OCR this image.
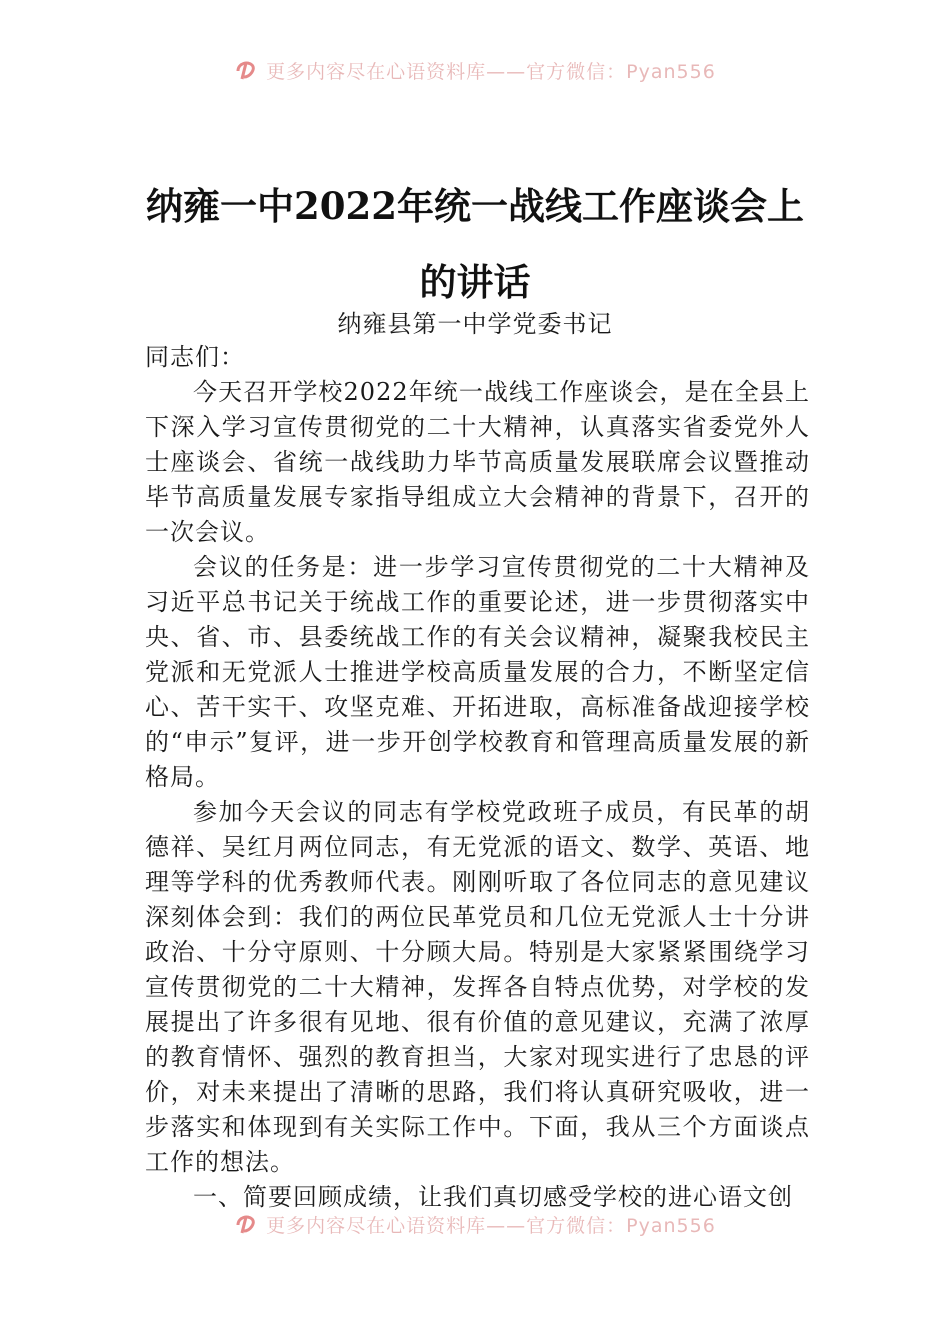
更多内容尽在心语资料库——官方微信：Pyan556
纳雍一中2022年统一战线工作座谈会上的讲话
纳雍县第一中学党委书记

同志们：

今天召开学校2022年统一战线工作座谈会，是在全县上下深入学习宣传贯彻党的二十大精神，认真落实省委党外人士座谈会、省统一战线助力毕节高质量发展联席会议暨推动毕节高质量发展专家指导组成立大会精神的背景下，召开的一次会议。

会议的任务是：进一步学习宣传贯彻党的二十大精神及习近平总书记关于统战工作的重要论述，进一步贯彻落实中央、省、市、县委统战工作的有关会议精神，凝聚我校民主党派和无党派人士推进学校高质量发展的合力，不断坚定信心、苦干实干、攻坚克难、开拓进取，高标准备战迎接学校的“申示”复评，进一步开创学校教育和管理高质量发展的新格局。

参加今天会议的同志有学校党政班子成员，有民革的胡德祥、吴红月两位同志，有无党派的语文、数学、英语、地理等学科的优秀教师代表。刚刚听取了各位同志的意见建议深刻体会到：我们的两位民革党员和几位无党派人士十分讲政治、十分守原则、十分顾大局。特别是大家紧紧围绕学习宣传贯彻党的二十大精神，发挥各自特点优势，对学校的发展提出了许多很有见地、很有价值的意见建议，充满了浓厚的教育情怀、强烈的教育担当，大家对现实进行了忠恳的评价，对未来提出了清晰的思路，我们将认真研究吸收，进一步落实和体现到有关实际工作中。下面，我从三个方面谈点工作的想法。

一、简要回顾成绩，让我们真切感受学校的进心语文创

更多内容尽在心语资料库——官方微信：Pyan556
